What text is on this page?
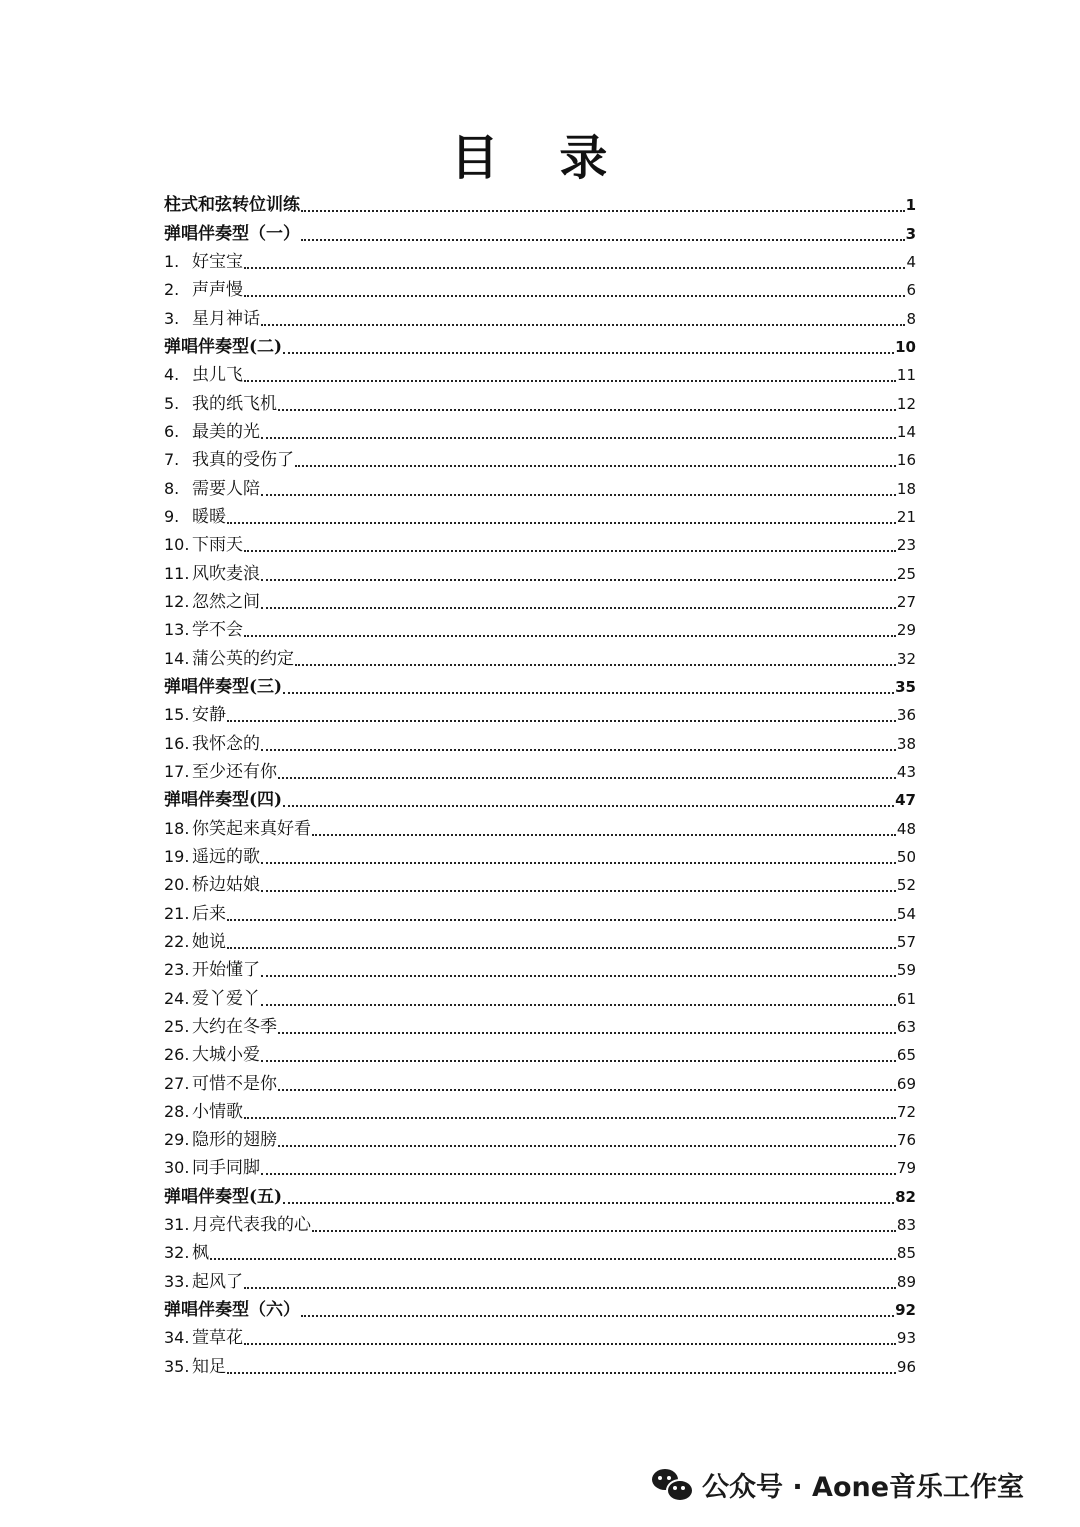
目 录
柱式和弦转位训练	1
弹唱伴奏型（一）	3
1. 好宝宝	4
2. 声声慢	6
3. 星月神话	8
弹唱伴奏型(二)	10
4. 虫儿飞	11
5. 我的纸飞机	12
6. 最美的光	14
7. 我真的受伤了	16
8. 需要人陪	18
9. 暖暖	21
10. 下雨天	23
11. 风吹麦浪	25
12. 忽然之间	27
13. 学不会	29
14. 蒲公英的约定	32
弹唱伴奏型(三)	35
15. 安静	36
16. 我怀念的	38
17. 至少还有你	43
弹唱伴奏型(四)	47
18. 你笑起来真好看	48
19. 遥远的歌	50
20. 桥边姑娘	52
21. 后来	54
22. 她说	57
23. 开始懂了	59
24. 爱丫爱丫	61
25. 大约在冬季	63
26. 大城小爱	65
27. 可惜不是你	69
28. 小情歌	72
29. 隐形的翅膀	76
30. 同手同脚	79
弹唱伴奏型(五)	82
31. 月亮代表我的心	83
32. 枫	85
33. 起风了	89
弹唱伴奏型（六）	92
34. 萱草花	93
35. 知足	96
公众号 · Aone音乐工作室
